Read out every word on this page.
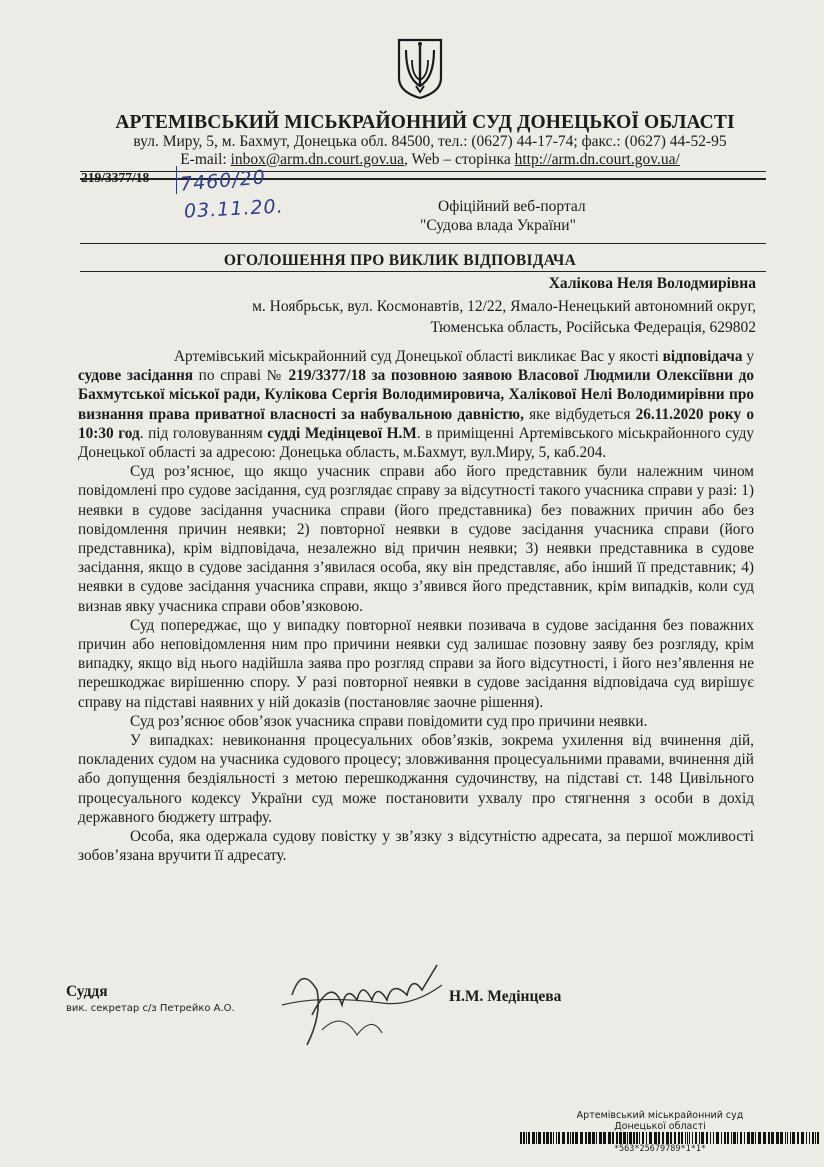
АРТЕМІВСЬКИЙ МІСЬКРАЙОННИЙ СУД ДОНЕЦЬКОЇ ОБЛАСТІ
вул. Миру, 5, м. Бахмут, Донецька обл. 84500, тел.: (0627) 44-17-74; факс.: (0627) 44-52-95
E-mail: inbox@arm.dn.court.gov.ua, Web – сторінка http://arm.dn.court.gov.ua/
219/3377/18 7460/20
03.11.20.	Офіційний веб-портал
"Судова влада України"
ОГОЛОШЕННЯ ПРО ВИКЛИК ВІДПОВІДАЧА
Халікова Неля Володмирівна
м. Ноябрьськ, вул. Космонавтів, 12/22, Ямало-Ненецький автономний округ,
Тюменська область, Російська Федерація, 629802

Артемівський міськрайонний суд Донецької області викликає Вас у якості відповідача у судове засідання по справі № 219/3377/18 за позовною заявою Власової Людмили Олексіївни до Бахмутської міської ради, Кулікова Сергія Володимировича, Халікової Нелі Володимирівни про визнання права приватної власності за набувальною давністю, яке відбудеться 26.11.2020 року о 10:30 год. під головуванням судді Медінцевої Н.М. в приміщенні Артемівського міськрайонного суду Донецької області за адресою: Донецька область, м.Бахмут, вул.Миру, 5, каб.204.

Суд роз’яснює, що якщо учасник справи або його представник були належним чином повідомлені про судове засідання, суд розглядає справу за відсутності такого учасника справи у разі: 1) неявки в судове засідання учасника справи (його представника) без поважних причин або без повідомлення причин неявки; 2) повторної неявки в судове засідання учасника справи (його представника), крім відповідача, незалежно від причин неявки; 3) неявки представника в судове засідання, якщо в судове засідання з’явилася особа, яку він представляє, або інший її представник; 4) неявки в судове засідання учасника справи, якщо з’явився його представник, крім випадків, коли суд визнав явку учасника справи обов’язковою.

Суд попереджає, що у випадку повторної неявки позивача в судове засідання без поважних причин або неповідомлення ним про причини неявки суд залишає позовну заяву без розгляду, крім випадку, якщо від нього надійшла заява про розгляд справи за його відсутності, і його нез’явлення не перешкоджає вирішенню спору. У разі повторної неявки в судове засідання відповідача суд вирішує справу на підставі наявних у ній доказів (постановляє заочне рішення).

Суд роз’яснює обов’язок учасника справи повідомити суд про причини неявки.

У випадках: невиконання процесуальних обов’язків, зокрема ухилення від вчинення дій, покладених судом на учасника судового процесу; зловживання процесуальними правами, вчинення дій або допущення бездіяльності з метою перешкоджання судочинству, на підставі ст. 148 Цивільного процесуального кодексу України суд може постановити ухвалу про стягнення з особи в дохід державного бюджету штрафу.

Особа, яка одержала судову повістку у зв’язку з відсутністю адресата, за першої можливості зобов’язана вручити її адресату.

Суддя
вик. секретар с/з Петрейко А.О.
Н.М. Медінцева
Артемівський міськрайонний суд
Донецької області
*563*25679789*1*1*
